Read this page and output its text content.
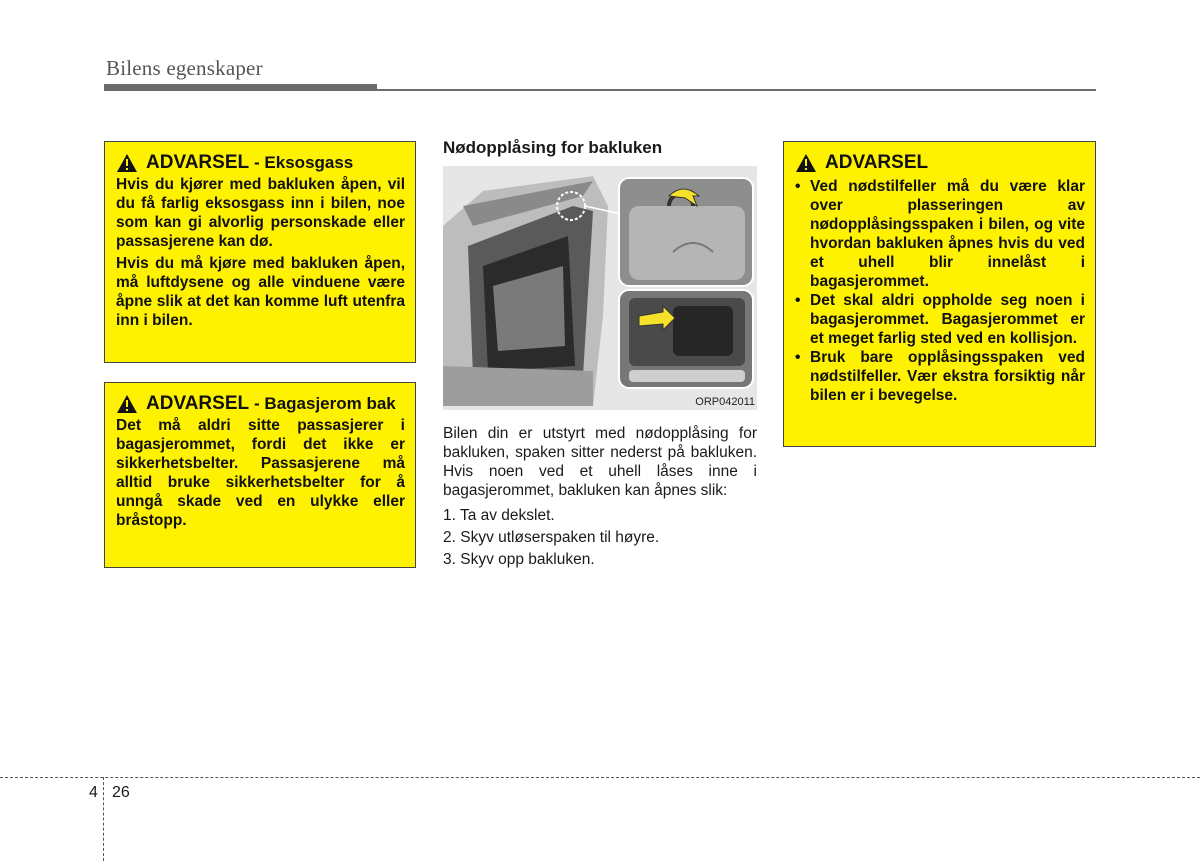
Bilens egenskaper
ADVARSEL - Eksosgass

Hvis du kjører med bakluken åpen, vil du få farlig eksosgass inn i bilen, noe som kan gi alvorlig personskade eller passasjerene kan dø.

Hvis du må kjøre med bakluken åpen, må luftdysene og alle vinduene være åpne slik at det kan komme luft utenfra inn i bilen.

ADVARSEL - Bagasjerom bak

Det må aldri sitte passasjerer i bagasjerommet, fordi det ikke er sikkerhetsbelter. Passasjerene må alltid bruke sikkerhetsbelter for å unngå skade ved en ulykke eller bråstopp.

Nødopplåsing for bakluken
ORP042011

Bilen din er utstyrt med nødopplåsing for bakluken, spaken sitter nederst på bakluken. Hvis noen ved et uhell låses inne i bagasjerommet, bakluken kan åpnes slik:

1. Ta av dekslet.
2. Skyv utløserspaken til høyre.
3. Skyv opp bakluken.
ADVARSEL
• Ved nødstilfeller må du være klar over plasseringen av nødopplåsingsspaken i bilen, og vite hvordan bakluken åpnes hvis du ved et uhell blir innelåst i bagasjerommet.
• Det skal aldri oppholde seg noen i bagasjerommet. Bagasjerommet er et meget farlig sted ved en kollisjon.
• Bruk bare opplåsingsspaken ved nødstilfeller. Vær ekstra forsiktig når bilen er i bevegelse.
4 26
